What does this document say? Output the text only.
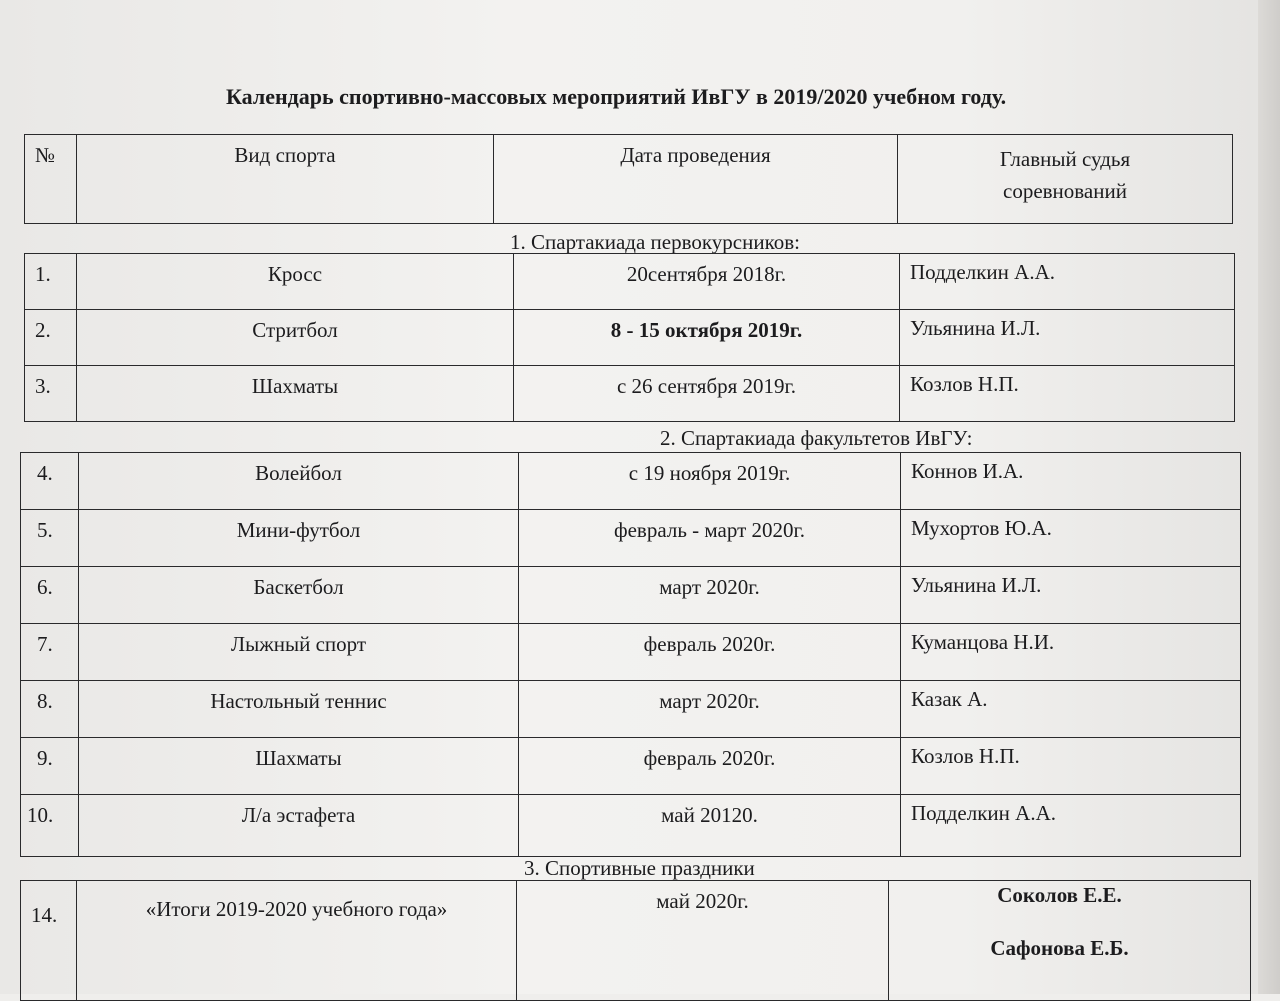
Календарь спортивно-массовых мероприятий ИвГУ в 2019/2020 учебном году.
№	Вид спорта	Дата проведения	Главный судья
соревнований
1. Спартакиада первокурсников:
1.	Кросс	20сентября 2018г.	Подделкин А.А.
2.	Стритбол	8 - 15 октября 2019г.	Ульянина И.Л.
3.	Шахматы	с 26 сентября 2019г.	Козлов Н.П.
2. Спартакиада факультетов ИвГУ:
4.	Волейбол	с 19 ноября 2019г.	Коннов И.А.
5.	Мини-футбол	февраль - март 2020г.	Мухортов Ю.А.
6.	Баскетбол	март 2020г.	Ульянина И.Л.
7.	Лыжный спорт	февраль 2020г.	Куманцова Н.И.
8.	Настольный теннис	март 2020г.	Казак А.
9.	Шахматы	февраль 2020г.	Козлов Н.П.
10.	Л/а эстафета	май 20120.	Подделкин А.А.
3. Спортивные праздники
14.	«Итоги 2019-2020 учебного года»	май 2020г.	Соколов Е.Е.
Сафонова Е.Б.
